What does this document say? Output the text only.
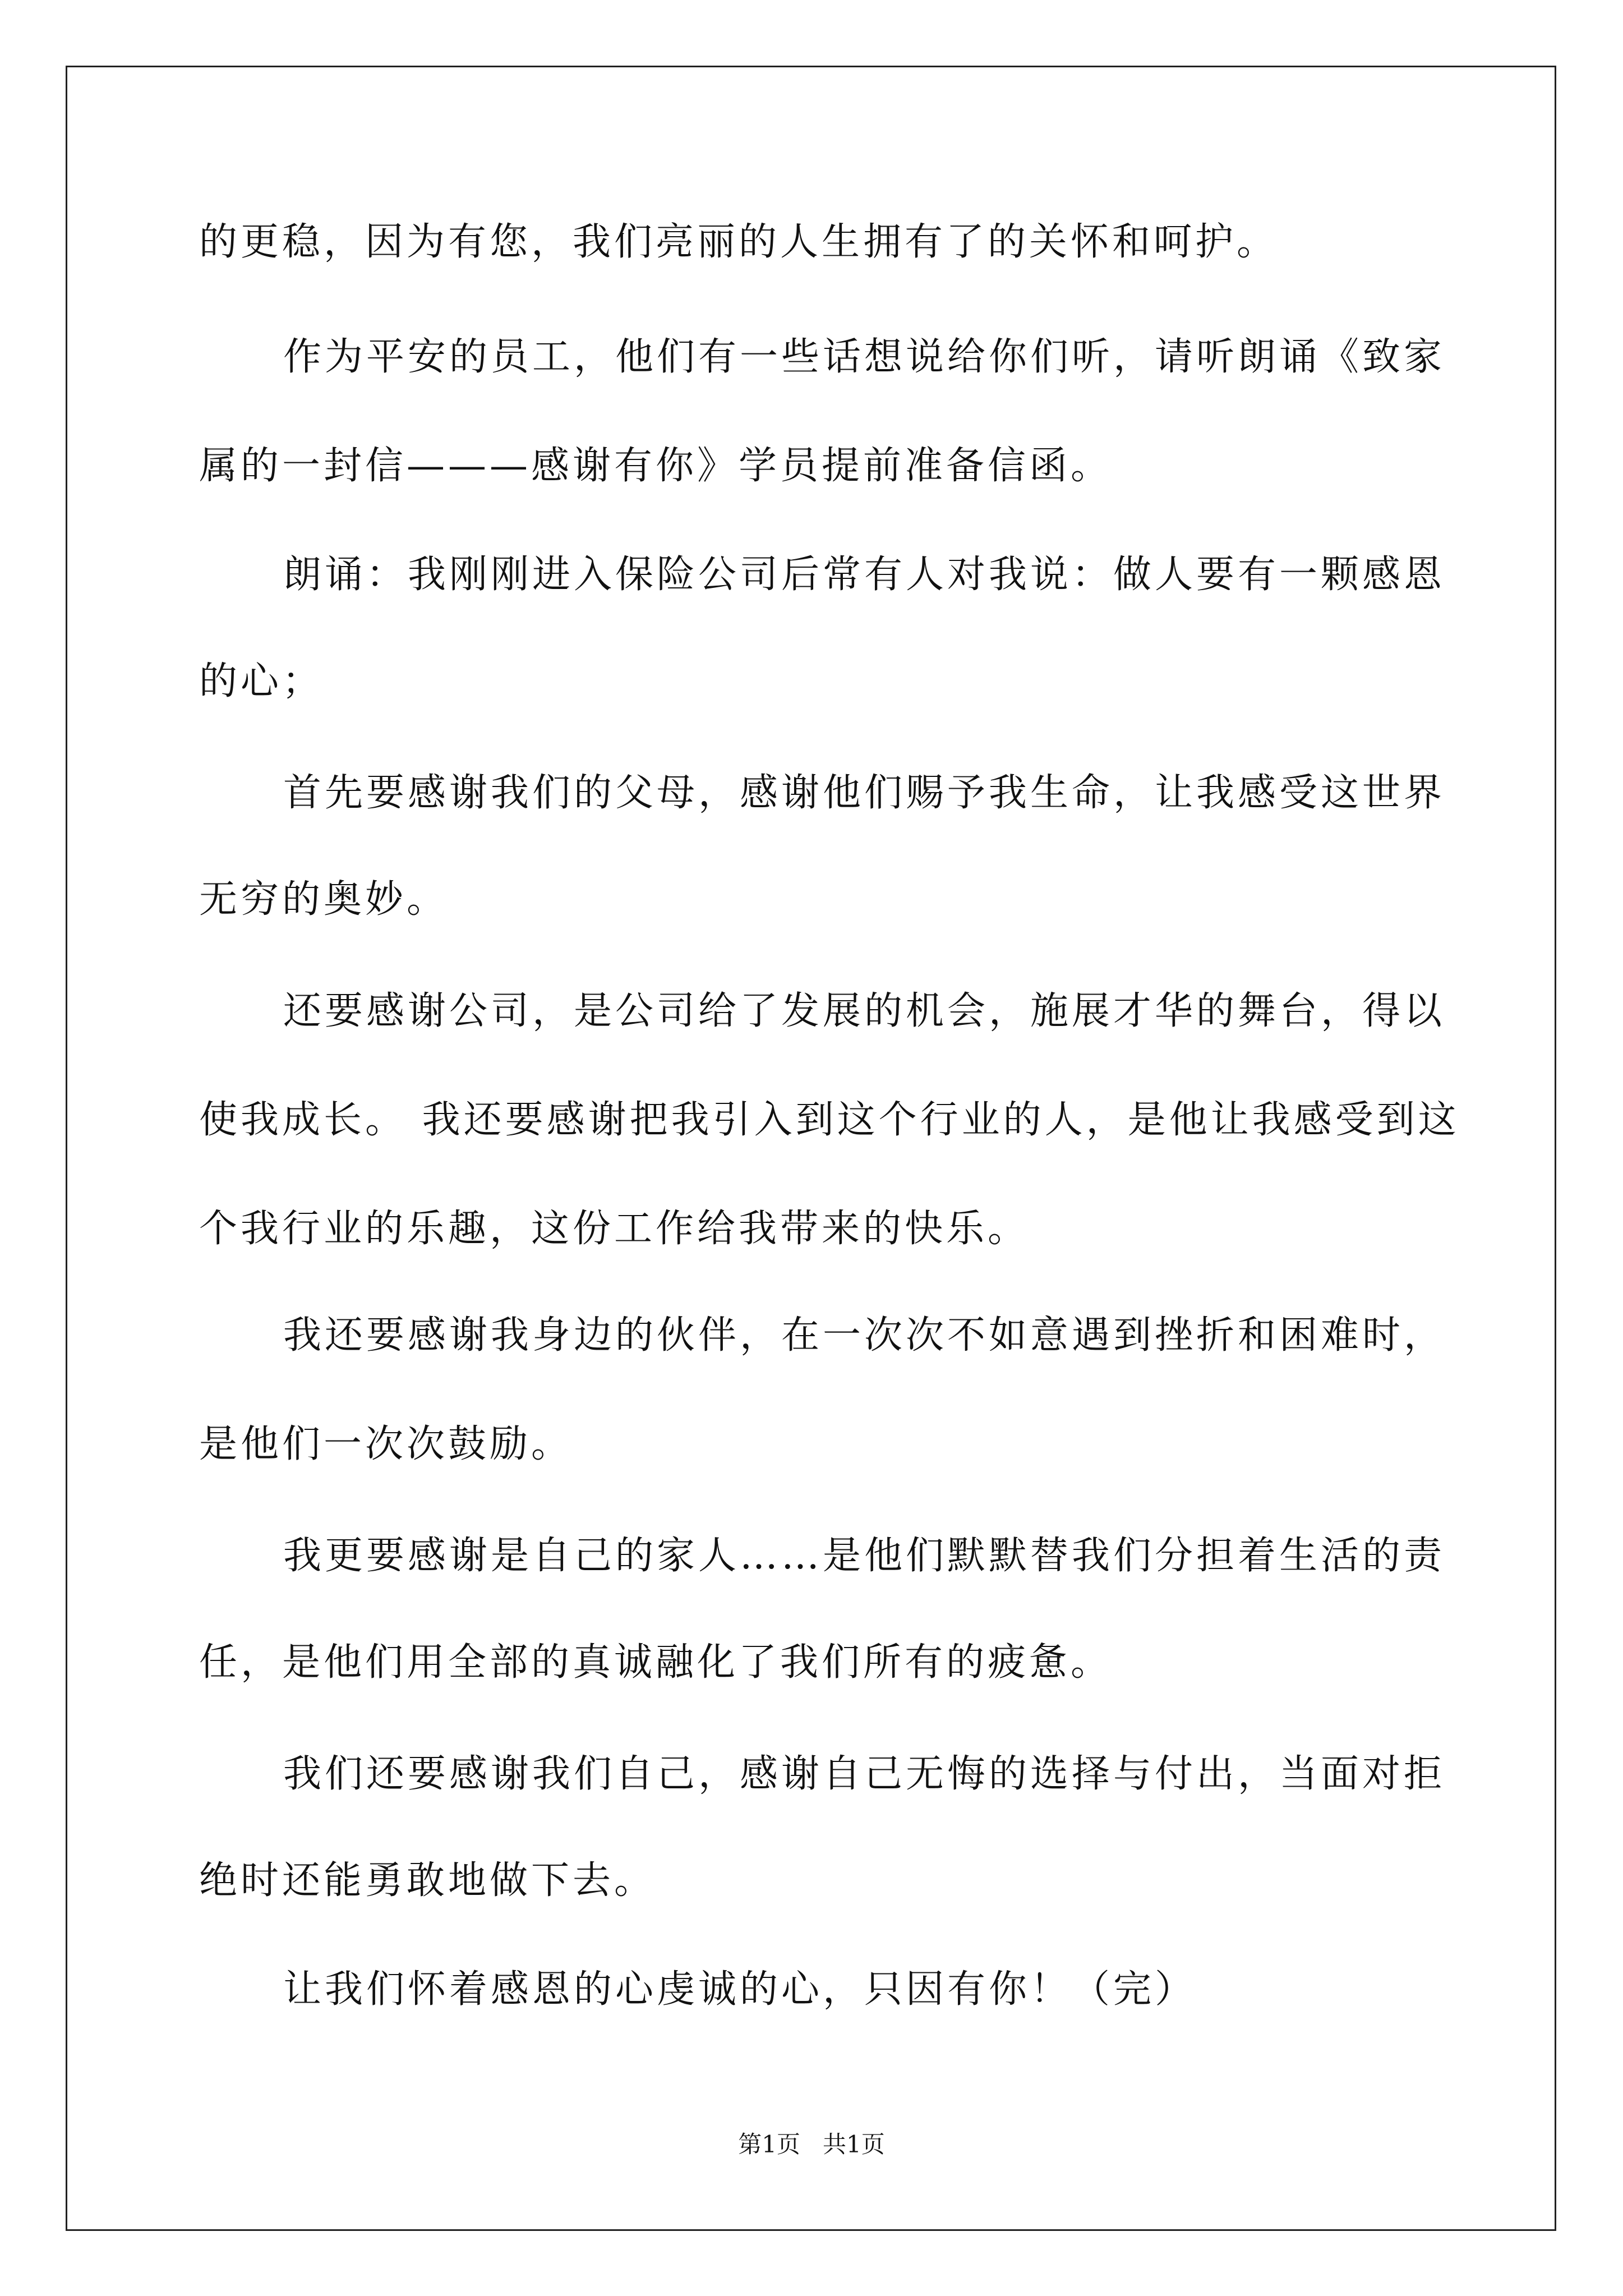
的更稳，因为有您，我们亮丽的人生拥有了的关怀和呵护。
作为平安的员工，他们有一些话想说给你们听，请听朗诵《致家
属的一封信———感谢有你》学员提前准备信函。
朗诵：我刚刚进入保险公司后常有人对我说：做人要有一颗感恩
的心；
首先要感谢我们的父母，感谢他们赐予我生命，让我感受这世界
无穷的奥妙。
还要感谢公司，是公司给了发展的机会，施展才华的舞台，得以
使我成长。 我还要感谢把我引入到这个行业的人，是他让我感受到这
个我行业的乐趣，这份工作给我带来的快乐。
我还要感谢我身边的伙伴，在一次次不如意遇到挫折和困难时，
是他们一次次鼓励。
我更要感谢是自己的家人……是他们默默替我们分担着生活的责
任，是他们用全部的真诚融化了我们所有的疲惫。
我们还要感谢我们自己，感谢自己无悔的选择与付出，当面对拒
绝时还能勇敢地做下去。
让我们怀着感恩的心虔诚的心，只因有你！（完）
第1页   共1页
